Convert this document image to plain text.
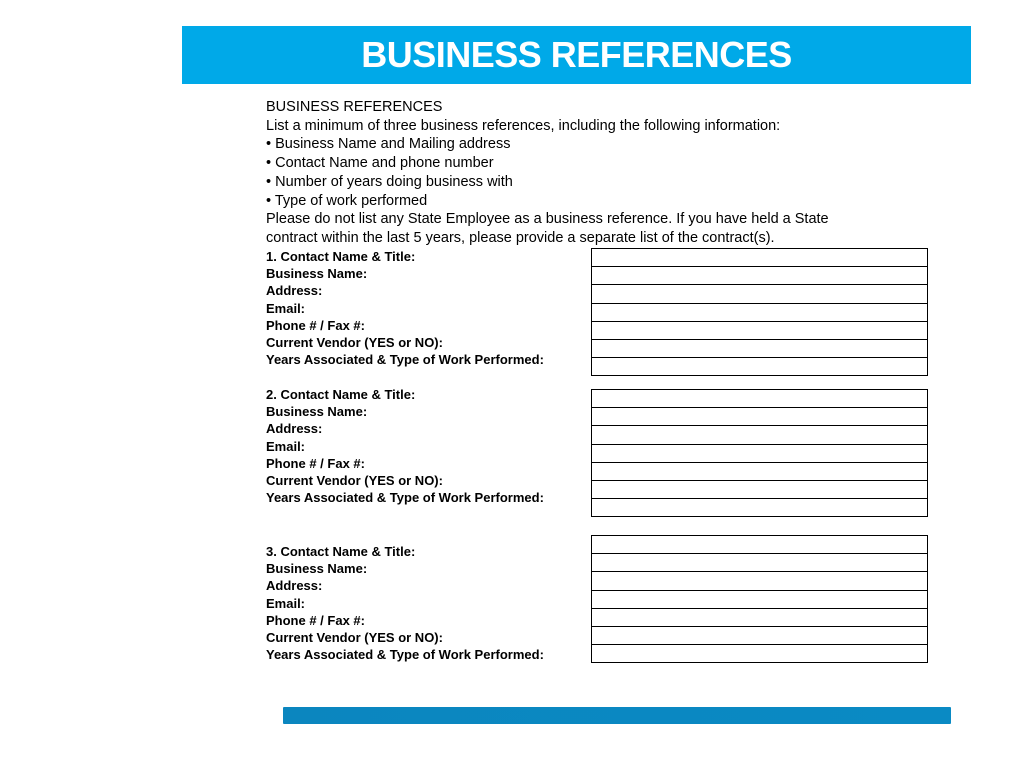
BUSINESS REFERENCES
BUSINESS REFERENCES
List a minimum of three business references, including the following information:
• Business Name and Mailing address
• Contact Name and phone number
• Number of years doing business with
• Type of work performed
Please do not list any State Employee as a business reference. If you have held a State
contract within the last 5 years, please provide a separate list of the contract(s).
1. Contact Name & Title:
Business Name:
Address:
Email:
Phone # / Fax #:
Current Vendor (YES or NO):
Years Associated & Type of Work Performed:
2. Contact Name & Title:
Business Name:
Address:
Email:
Phone # / Fax #:
Current Vendor (YES or NO):
Years Associated & Type of Work Performed:
3. Contact Name & Title:
Business Name:
Address:
Email:
Phone # / Fax #:
Current Vendor (YES or NO):
Years Associated & Type of Work Performed:
